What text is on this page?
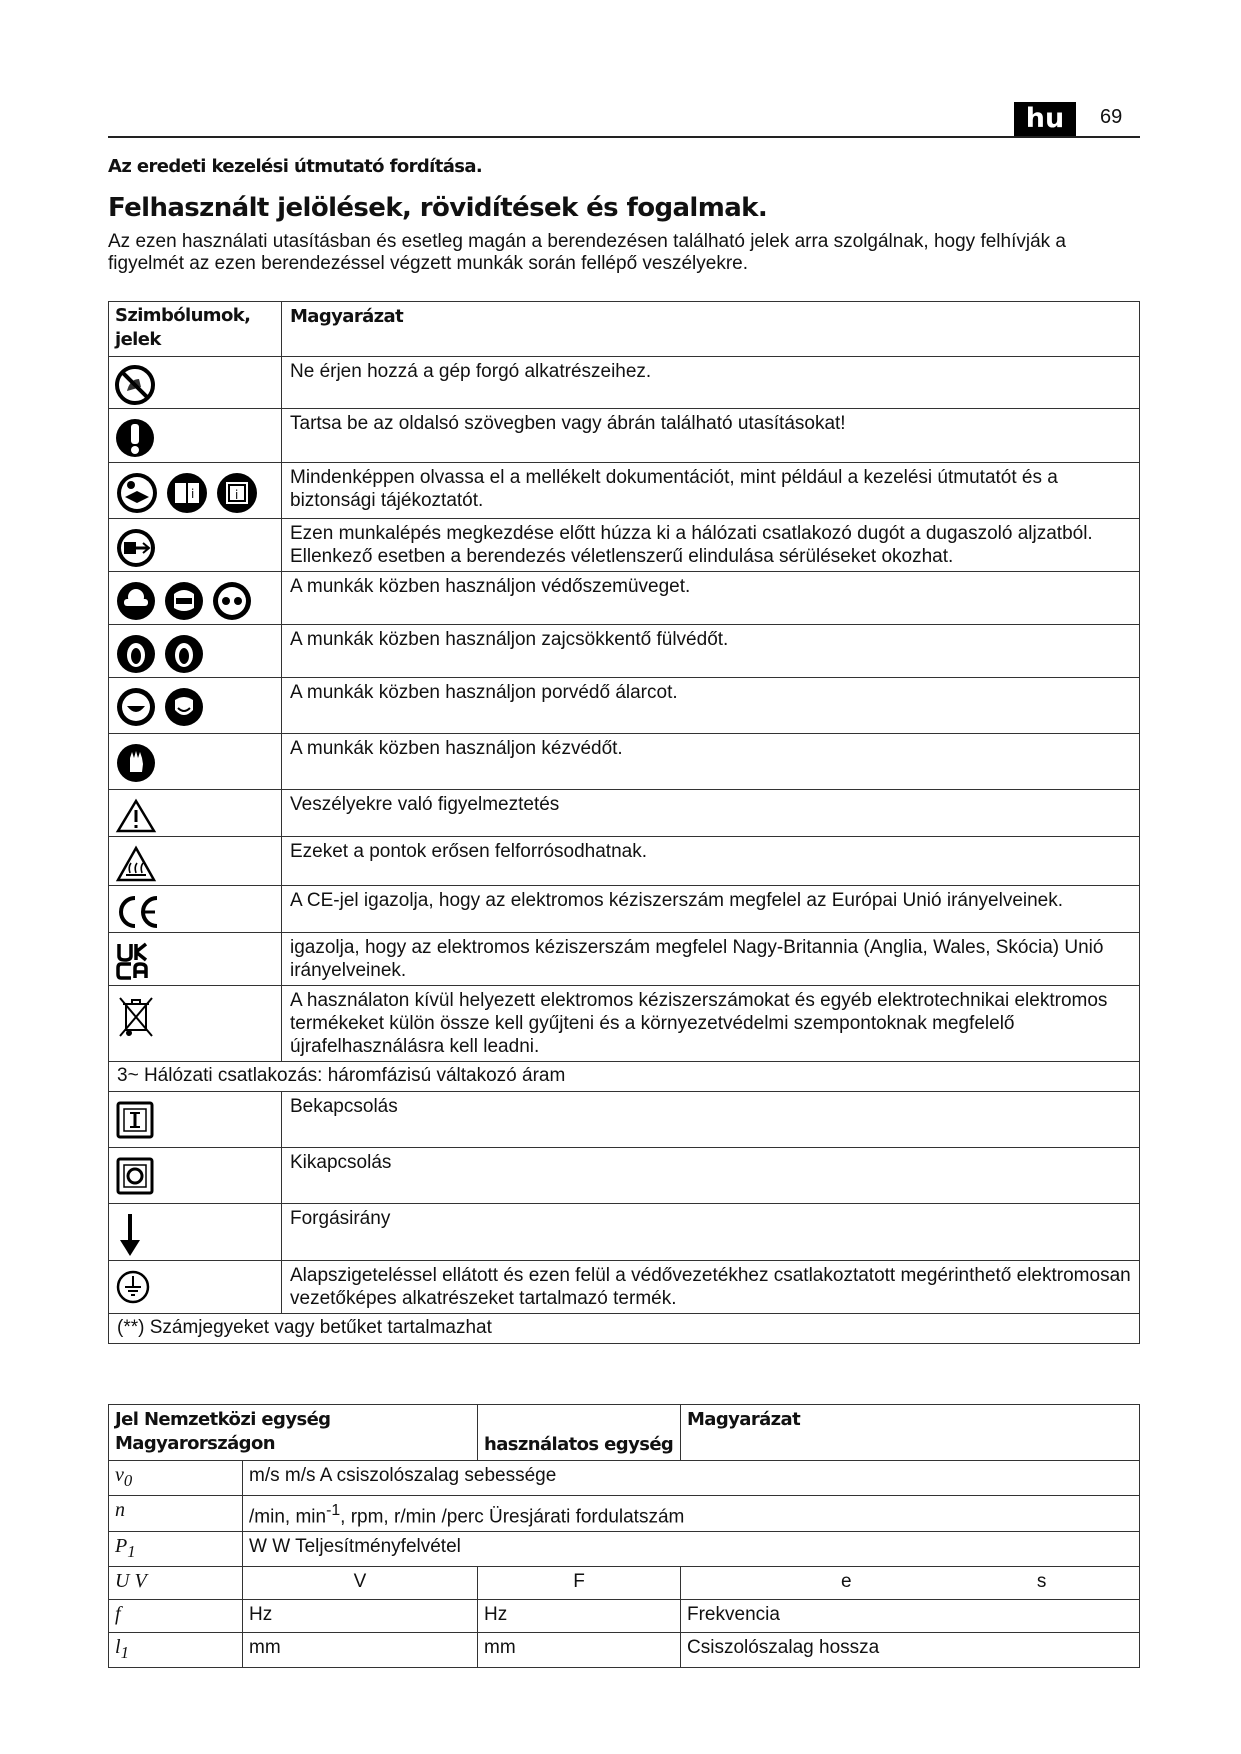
hu	69
Az eredeti kezelési útmutató fordítása.
Felhasznált jelölések, rövidítések és fogalmak.
Az ezen használati utasításban és esetleg magán a berendezésen található jelek arra szolgálnak, hogy felhívják a figyelmét az ezen berendezéssel végzett munkák során fellépő veszélyekre.
Szimbólumok, jelek	Magyarázat

	Ne érjen hozzá a gép forgó alkatrészeihez.

	Tartsa be az oldalsó szövegben vagy ábrán található utasításokat!

i i	Mindenképpen olvassa el a mellékelt dokumentációt, mint például a kezelési útmutatót és a biztonsági tájékoztatót.

	Ezen munkalépés megkezdése előtt húzza ki a hálózati csatlakozó dugót a dugaszoló aljzatból. Ellenkező esetben a berendezés véletlenszerű elindulása sérüléseket okozhat.

	A munkák közben használjon védőszemüveget.

	A munkák közben használjon zajcsökkentő fülvédőt.

	A munkák közben használjon porvédő álarcot.

	A munkák közben használjon kézvédőt.

	Veszélyekre való figyelmeztetés

	Ezeket a pontok erősen felforrósodhatnak.

	A CE-jel igazolja, hogy az elektromos kéziszerszám megfelel az Európai Unió irányelveinek.

	igazolja, hogy az elektromos kéziszerszám megfelel Nagy-Britannia (Anglia, Wales, Skócia) Unió irányelveinek.

	A használaton kívül helyezett elektromos kéziszerszámokat és egyéb elektrotechnikai elektromos termékeket külön össze kell gyűjteni és a környezetvédelmi szempontoknak megfelelő újrafelhasználásra kell leadni.
3~ Hálózati csatlakozás: háromfázisú váltakozó áram	

	Bekapcsolás

	Kikapcsolás

	Forgásirány

	Alapszigeteléssel ellátott és ezen felül a védővezetékhez csatlakoztatott megérinthető elektromosan vezetőképes alkatrészeket tartalmazó termék.
(**) Számjegyeket vagy betűket tartalmazhat	
Jel Nemzetközi egység Magyarországon		használatos egység	Magyarázat
$v_0$	m/s m/s A csiszolószalag sebessége		
n	/min, $\min^{-1}$, rpm, r/min /perc Üresjárati fordulatszám		
$P_1$	W W Teljesítményfelvétel		
U V	V	F	e s
f	Hz	Hz	Frekvencia
$l_1$	mm	mm	Csiszolószalag hossza
